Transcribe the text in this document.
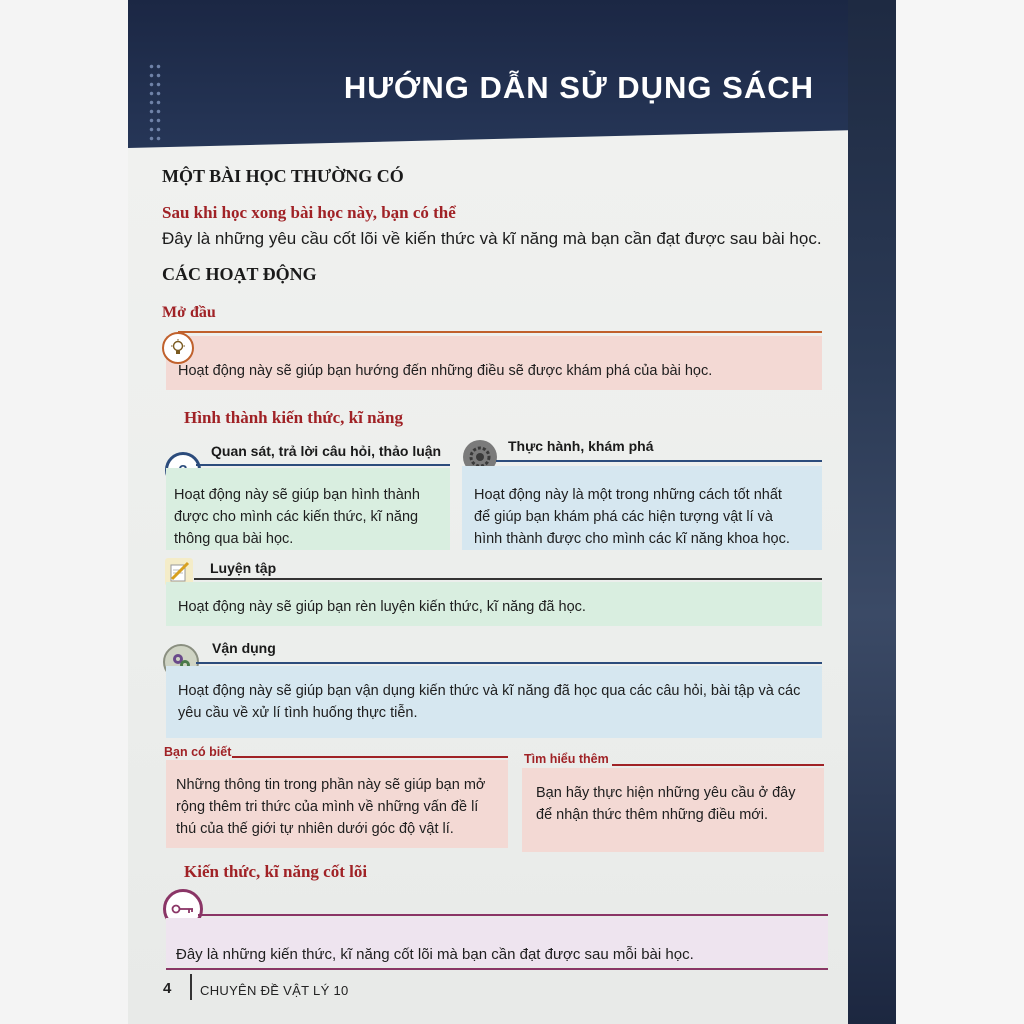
HƯỚNG DẪN SỬ DỤNG SÁCH
MỘT BÀI HỌC THƯỜNG CÓ
Sau khi học xong bài học này, bạn có thể
Đây là những yêu cầu cốt lõi về kiến thức và kĩ năng mà bạn cần đạt được sau bài học.
CÁC HOẠT ĐỘNG
Mở đầu
Hoạt động này sẽ giúp bạn hướng đến những điều sẽ được khám phá của bài học.
Hình thành kiến thức, kĩ năng
Quan sát, trả lời câu hỏi, thảo luận
Hoạt động này sẽ giúp bạn hình thành
được cho mình các kiến thức, kĩ năng
thông qua bài học.
Thực hành, khám phá
Hoạt động này là một trong những cách tốt nhất
để giúp bạn khám phá các hiện tượng vật lí và
hình thành được cho mình các kĩ năng khoa học.
Luyện tập
Hoạt động này sẽ giúp bạn rèn luyện kiến thức, kĩ năng đã học.
Vận dụng
Hoạt động này sẽ giúp bạn vận dụng kiến thức và kĩ năng đã học qua các câu hỏi, bài tập và các
yêu cầu về xử lí tình huống thực tiễn.
Bạn có biết
Những thông tin trong phần này sẽ giúp bạn mở
rộng thêm tri thức của mình về những vấn đề lí
thú của thế giới tự nhiên dưới góc độ vật lí.
Tìm hiểu thêm
Bạn hãy thực hiện những yêu cầu ở đây
để nhận thức thêm những điều mới.
Kiến thức, kĩ năng cốt lõi
Đây là những kiến thức, kĩ năng cốt lõi mà bạn cần đạt được sau mỗi bài học.
4 CHUYÊN ĐỀ VẬT LÝ 10
